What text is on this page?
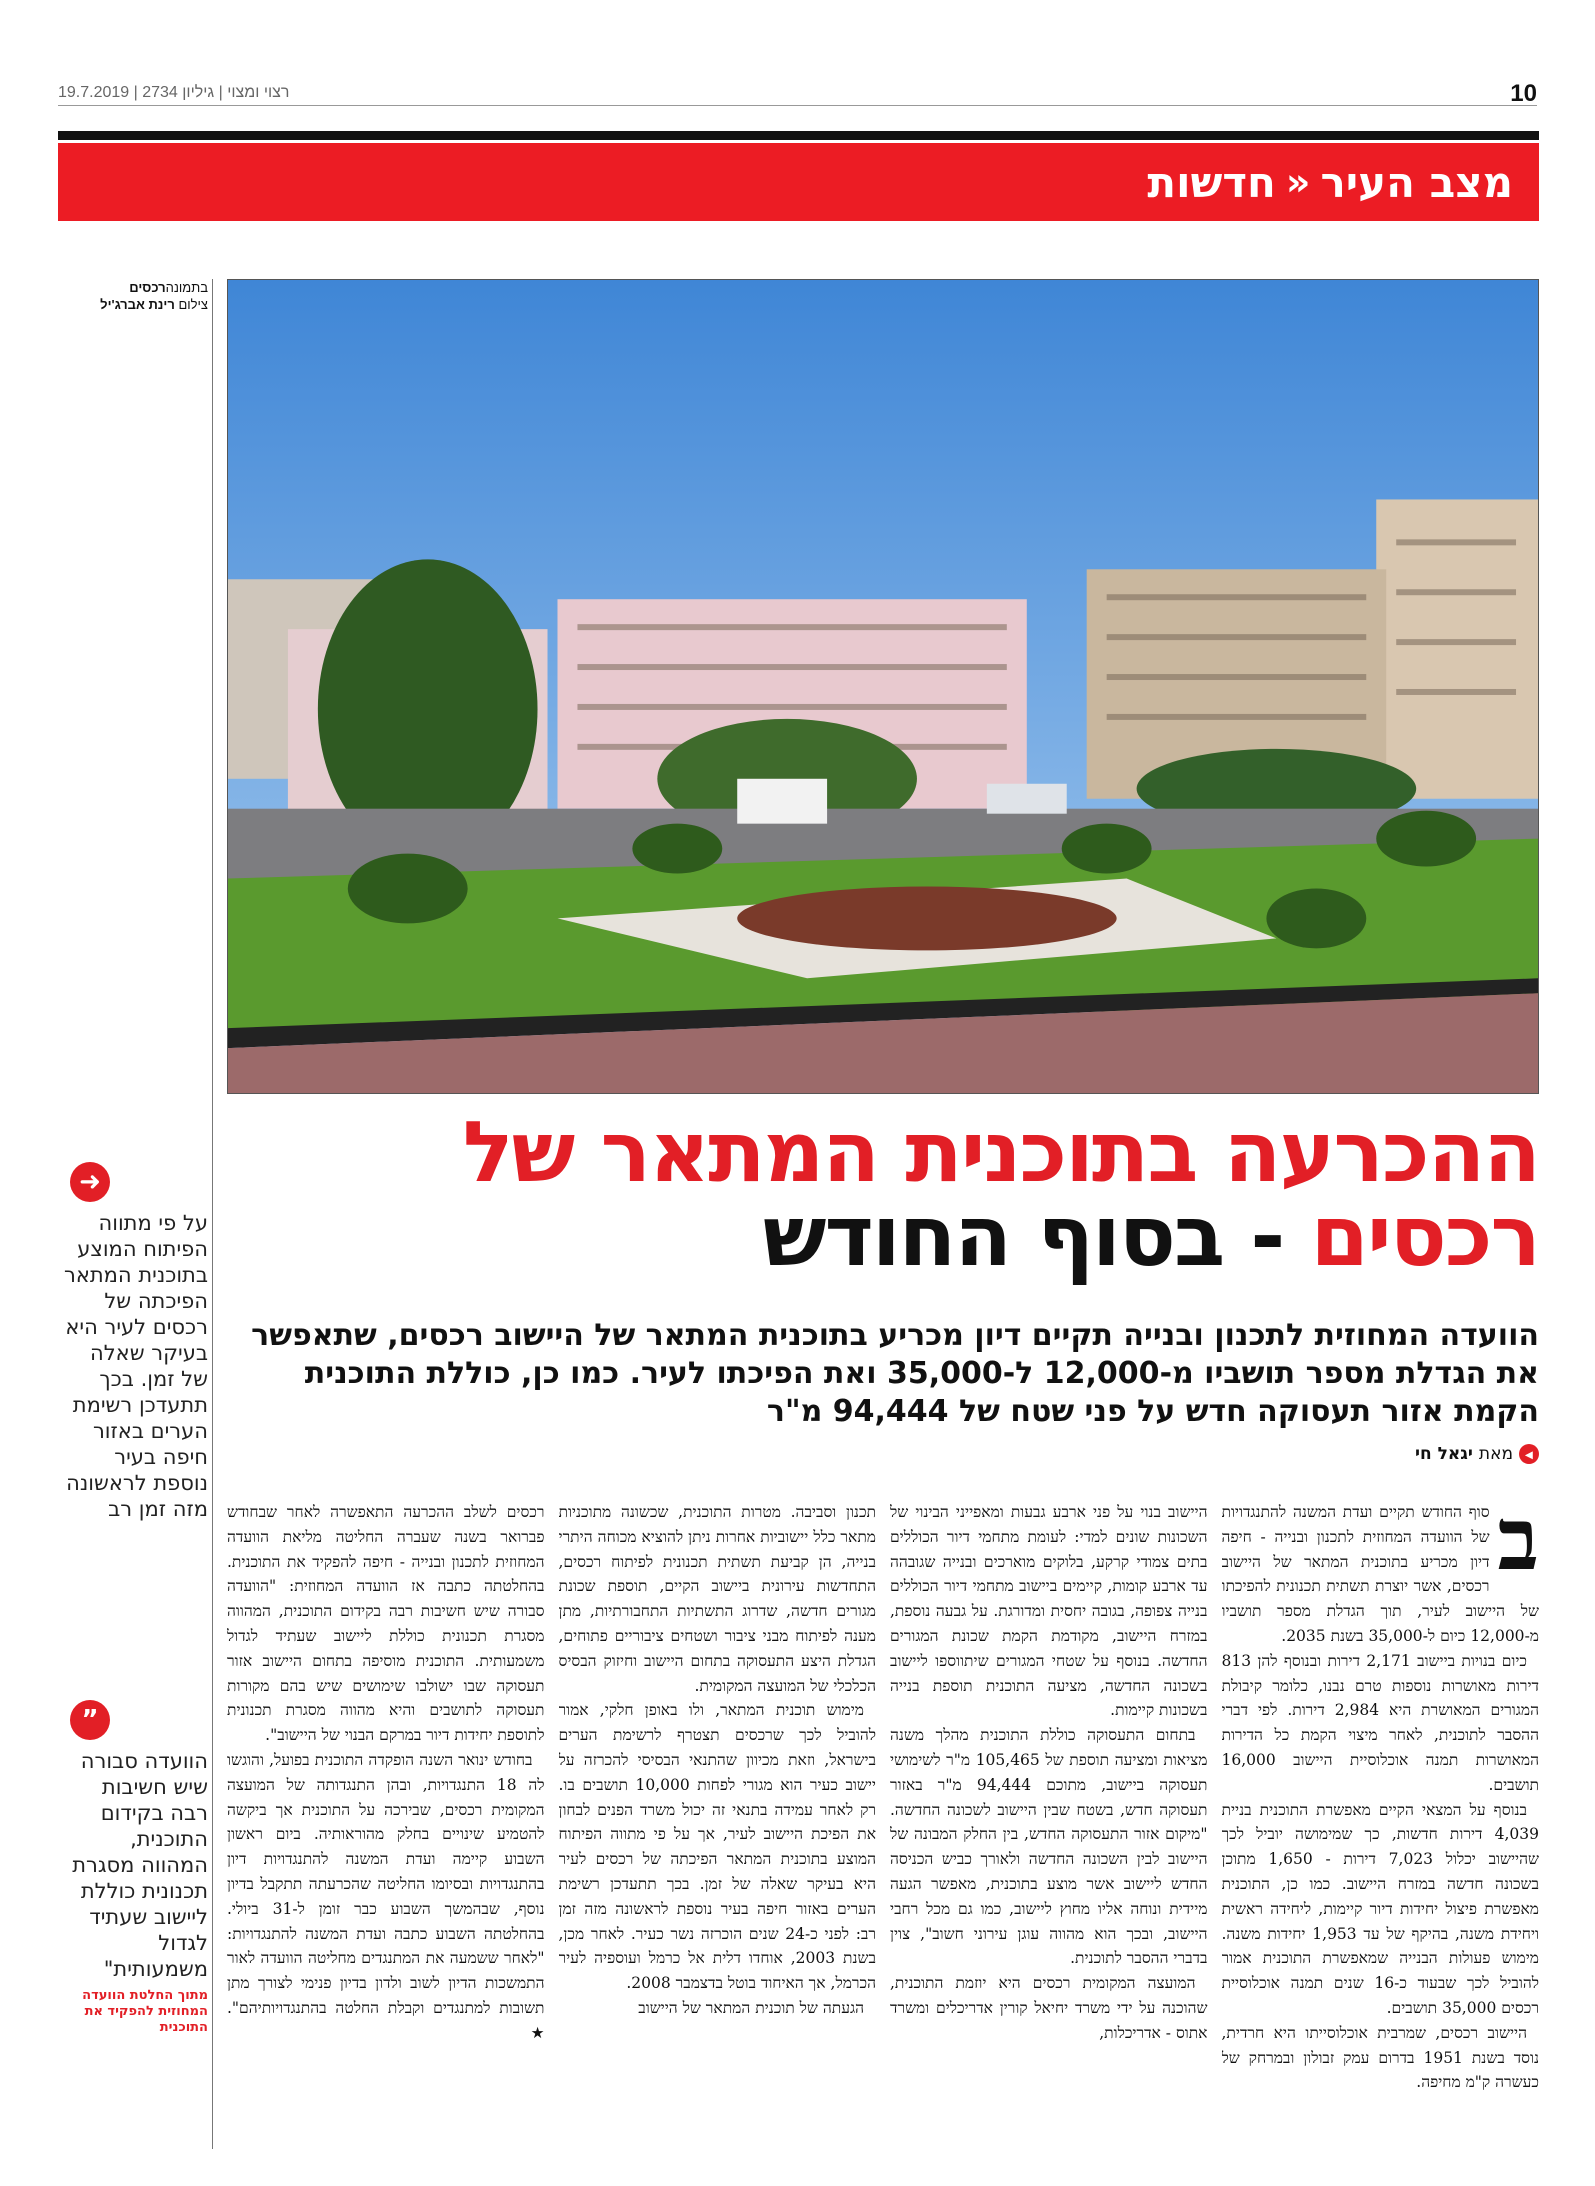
10
רצוי ומצוי | גיליון 2734 | 19.7.2019
מצב העיר
«
חדשות
בתמונהרכסים
צילום רינת אברג'יל
ההכרעה בתוכנית המתאר של
רכסים - בסוף החודש
הוועדה המחוזית לתכנון ובנייה תקיים דיון מכריע בתוכנית המתאר של היישוב רכסים, שתאפשר את הגדלת מספר תושביו מ-12,000 ל-35,000 ואת הפיכתו לעיר. כמו כן, כוללת התוכנית הקמת אזור תעסוקה חדש על פני שטח של 94,444 מ"ר
◂
מאת
יגאל חי
➜
על פי מתווה הפיתוח המוצע בתוכנית המתאר הפיכתה של רכסים לעיר היא בעיקר שאלה של זמן. בכך תתעדכן רשימת הערים באזור חיפה בעיר נוספת לראשונה מזה זמן רב
”
הוועדה סבורה שיש חשיבות רבה בקידום התוכנית, המהווה מסגרת תכנונית כוללת ליישוב שעתיד לגדול משמעותית"
מתוך החלטת הוועדה המחוזית להפקיד את התוכנית
ב

סוף החודש תקיים ועדת המשנה להתנגדויות של הוועדה המחוזית לתכנון ובנייה - חיפה דיון מכריע בתוכנית המתאר של היישוב רכסים, אשר יוצרת תשתית תכנונית להפיכתו של היישוב לעיר, תוך הגדלת מספר תושביו מ-12,000 כיום ל-35,000 בשנת 2035.

כיום בנויות ביישוב 2,171 דירות ובנוסף להן 813 דירות מאושרות נוספות טרם נבנו, כלומר קיבולת המגורים המאושרת היא 2,984 דירות. לפי דברי ההסבר לתוכנית, לאחר מיצוי הקמת כל הדירות המאושרות תמנה אוכלוסיית היישוב 16,000 תושבים.

בנוסף על המצאי הקיים מאפשרת התוכנית בניית 4,039 דירות חדשות, כך שמימושה יוביל לכך שהיישוב יכלול 7,023 דירות - 1,650 מתוכן בשכונה חדשה במזרח היישוב. כמו כן, התוכנית מאפשרת פיצול יחידות דיור קיימות, ליחידה ראשית ויחידת משנה, בהיקף של עד 1,953 יחידות משנה. מימוש פעולות הבנייה שמאפשרת התוכנית אמור להוביל לכך שבעוד כ-16 שנים תמנה אוכלוסיית רכסים 35,000 תושבים.

היישוב רכסים, שמרבית אוכלוסייתו היא חרדית, נוסד בשנת 1951 בדרום עמק זבולון ובמרחק של כעשרה ק"מ מחיפה.

היישוב בנוי על פני ארבע גבעות ומאפייני הבינוי של השכונות שונים למדי: לעומת מתחמי דיור הכוללים בתים צמודי קרקע, בלוקים מוארכים ובנייה שגובהה עד ארבע קומות, קיימים ביישוב מתחמי דיור הכוללים בנייה צפופה, בגובה יחסית ומדורגת. על גבעה נוספת, במזרח היישוב, מקודמת הקמת שכונת המגורים החדשה. בנוסף על שטחי המגורים שיתווספו ליישוב בשכונה החדשה, מציעה התוכנית תוספת בנייה בשכונות קיימות.

בתחום התעסוקה כוללת התוכנית מהלך משנה מציאות ומציעה תוספת של 105,465 מ"ר לשימושי תעסוקה ביישוב, מתוכם 94,444 מ"ר באזור תעסוקה חדש, בשטח שבין היישוב לשכונה החדשה. "מיקום אזור התעסוקה החדש, בין החלק המבונה של היישוב לבין השכונה החדשה ולאורך כביש הכניסה החדש ליישוב אשר מוצע בתוכנית, מאפשר הגעה מיידית ונוחה אליו מחוץ ליישוב, כמו גם מכל רחבי היישוב, ובכך הוא מהווה עוגן עירוני חשוב", צוין בדברי ההסבר לתוכנית.

המועצה המקומית רכסים היא יוזמת התוכנית, שהוכנה על ידי משרד יחיאל קורין אדריכלים ומשרד אתוס - אדריכלות,

תכנון וסביבה. מטרות התוכנית, שכשונה מתוכניות מתאר כלל יישוביות אחרות ניתן להוציא מכוחה היתרי בנייה, הן קביעת תשתית תכנונית לפיתוח רכסים, התחדשות עירונית ביישוב הקיים, תוספת שכונת מגורים חדשה, שדרוג התשתיות התחבורתיות, מתן מענה לפיתוח מבני ציבור ושטחים ציבוריים פתוחים, הגדלת היצע התעסוקה בתחום היישוב וחיזוק הבסיס הכלכלי של המועצה המקומית.

מימוש תוכנית המתאר, ולו באופן חלקי, אמור להוביל לכך שרכסים תצטרף לרשימת הערים בישראל, וזאת מכיוון שהתנאי הבסיסי להכרזה על יישוב כעיר הוא מגורי לפחות 10,000 תושבים בו. רק לאחר עמידה בתנאי זה יכול משרד הפנים לבחון את הפיכת היישוב לעיר, אך על פי מתווה הפיתוח המוצע בתוכנית המתאר הפיכתה של רכסים לעיר היא בעיקר שאלה של זמן. בכך תתעדכן רשימת הערים באזור חיפה בעיר נוספת לראשונה מזה זמן רב: לפני כ-24 שנים הוכרזה נשר כעיר. לאחר מכן, בשנת 2003, אוחדו דלית אל כרמל ועוספיה לעיר הכרמל, אך האיחוד בוטל בדצמבר 2008.

הגעתה של תוכנית המתאר של היישוב

רכסים לשלב ההכרעה התאפשרה לאחר שבחודש פברואר בשנה שעברה החליטה מליאת הוועדה המחוזית לתכנון ובנייה - חיפה להפקיד את התוכנית. בהחלטתה כתבה אז הוועדה המחוזית: "הוועדה סבורה שיש חשיבות רבה בקידום התוכנית, המהווה מסגרת תכנונית כוללת ליישוב שעתיד לגדול משמעותית. התוכנית מוסיפה בתחום היישוב אזור תעסוקה שבו ישולבו שימושים שיש בהם מקורות תעסוקה לתושבים והיא מהווה מסגרת תכנונית לתוספת יחידות דיור במרקם הבנוי של היישוב".

בחודש ינואר השנה הופקדה התוכנית בפועל, והוגשו לה 18 התנגדויות, ובהן התנגדותה של המועצה המקומית רכסים, שבירכה על התוכנית אך ביקשה להטמיע שינויים בחלק מהוראותיה. ביום ראשון השבוע קיימה ועדת המשנה להתנגדויות דיון בהתנגדויות ובסיומו החליטה שהכרעתה תתקבל בדיון נוסף, שבהמשך השבוע כבר זומן ל-31 ביולי. בהחלטתה השבוע כתבה ועדת המשנה להתנגדויות: "לאחר ששמעה את המתנגדים מחליטה הוועדה לאור התמשכות הדיון לשוב ולדון בדיון פנימי לצורך מתן תשובות למתנגדים וקבלת החלטה בהתנגדויותיהם". ★
